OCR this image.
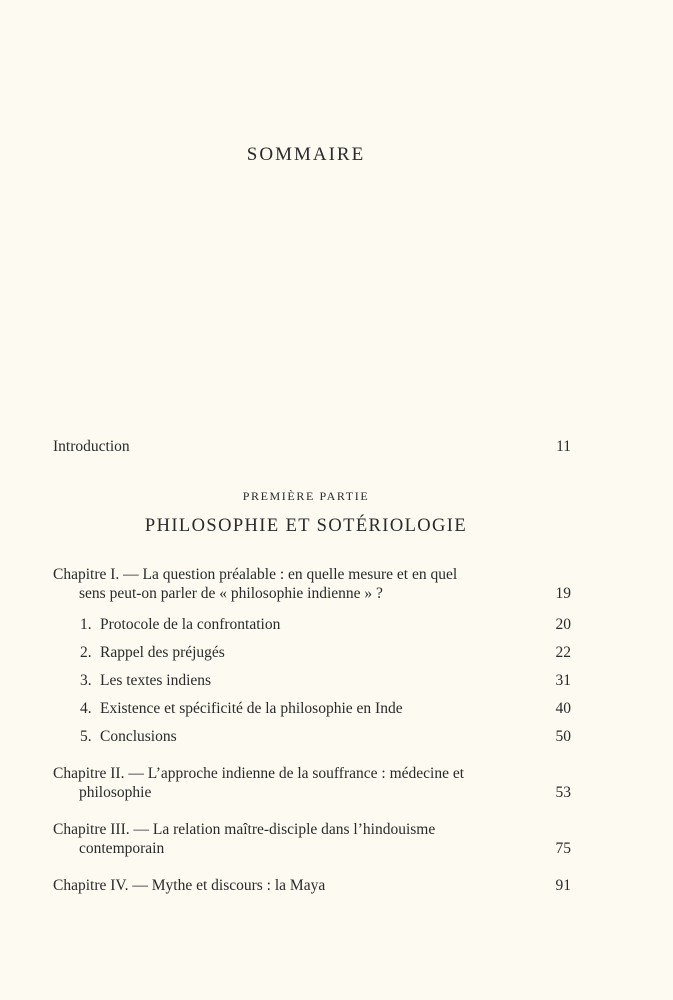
SOMMAIRE
Introduction	11
PREMIÈRE PARTIE
PHILOSOPHIE ET SOTÉRIOLOGIE
Chapitre I. — La question préalable : en quelle mesure et en quel
sens peut-on parler de « philosophie indienne » ?	19
1. Protocole de la confrontation	20
2. Rappel des préjugés	22
3. Les textes indiens	31
4. Existence et spécificité de la philosophie en Inde	40
5. Conclusions	50
Chapitre II. — L’approche indienne de la souffrance : médecine et
philosophie	53
Chapitre III. — La relation maître-disciple dans l’hindouisme
contemporain	75
Chapitre IV. — Mythe et discours : la Maya	91
